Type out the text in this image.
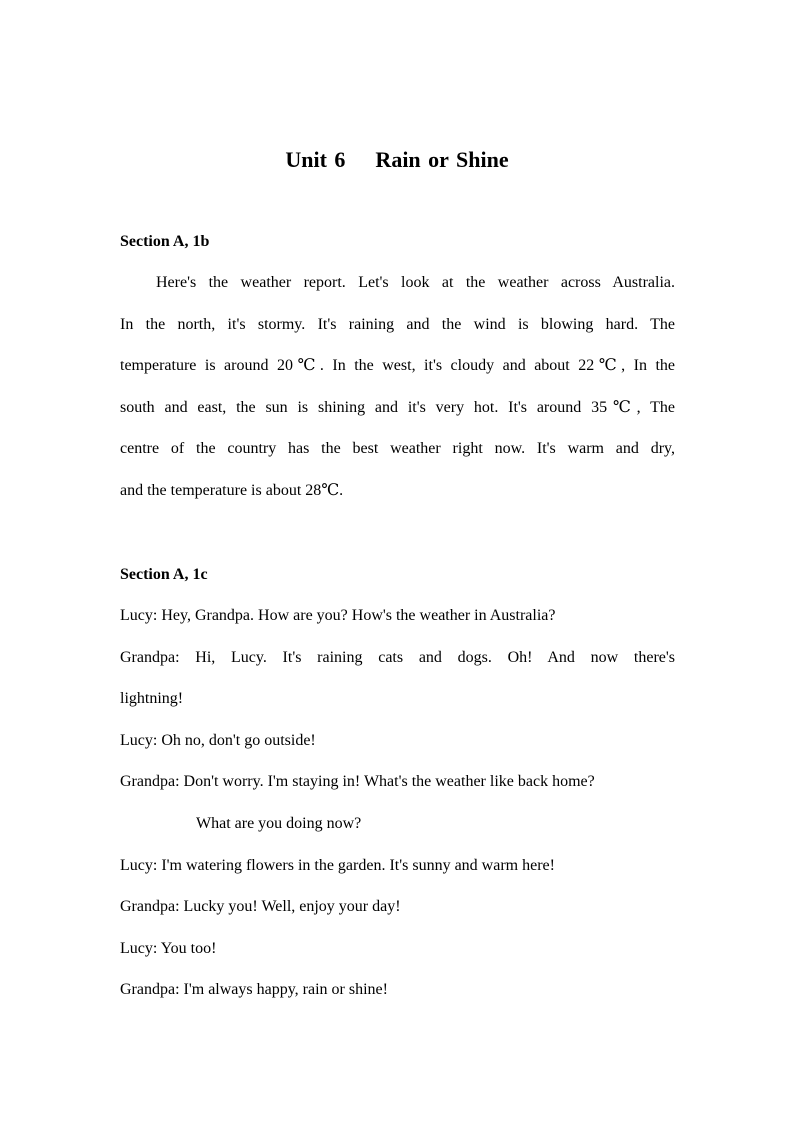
Unit 6    Rain or Shine
Section A, 1b
Here's the weather report. Let's look at the weather across Australia.
In the north, it's stormy. It's raining and the wind is blowing hard. The
temperature is around 20℃. In the west, it's cloudy and about 22℃, In the
south and east, the sun is shining and it's very hot. It's around 35℃, The
centre of the country has the best weather right now. It's warm and dry,
and the temperature is about 28℃.
Section A, 1c
Lucy: Hey, Grandpa. How are you? How's the weather in Australia?
Grandpa: Hi, Lucy. It's raining cats and dogs. Oh! And now there's
lightning!
Lucy: Oh no, don't go outside!
Grandpa: Don't worry. I'm staying in! What's the weather like back home?
What are you doing now?
Lucy: I'm watering flowers in the garden. It's sunny and warm here!
Grandpa: Lucky you! Well, enjoy your day!
Lucy: You too!
Grandpa: I'm always happy, rain or shine!
